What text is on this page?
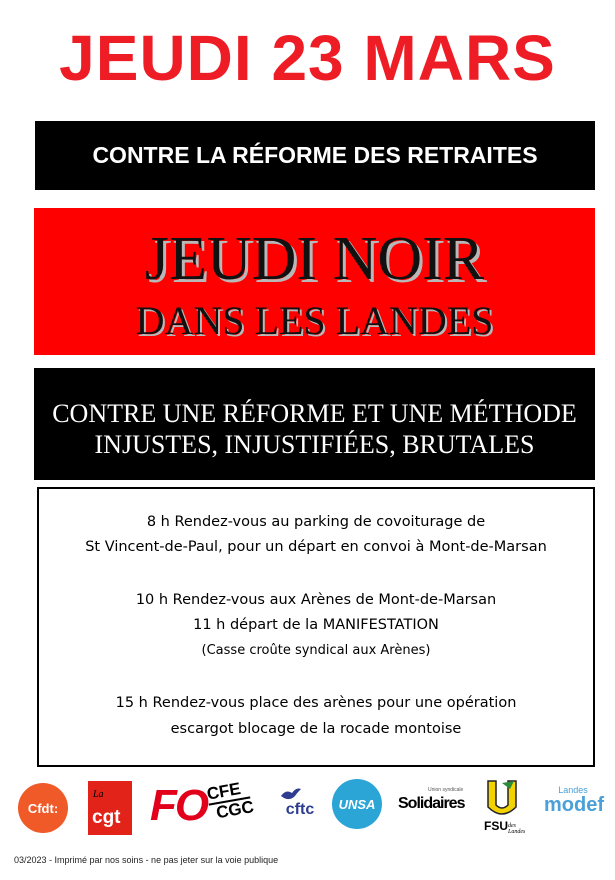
JEUDI 23 MARS
CONTRE LA RÉFORME DES RETRAITES
JEUDI NOIR
DANS LES LANDES
CONTRE UNE RÉFORME ET UNE MÉTHODE
INJUSTES, INJUSTIFIÉES, BRUTALES
8 h Rendez-vous au parking de covoiturage de
St Vincent-de-Paul, pour un départ en convoi à Mont-de-Marsan
10 h Rendez-vous aux Arènes de Mont-de-Marsan
11 h départ de la MANIFESTATION
(Casse croûte syndical aux Arènes)
15 h Rendez-vous place des arènes pour une opération
escargot blocage de la rocade montoise
Cfdt:
La
cgt FO
CFE
CGC	cftc	UNSA
Union syndicale
Solidaires
FSU des Landes
Landes
modef
03/2023 - Imprimé par nos soins - ne pas jeter sur la voie publique
